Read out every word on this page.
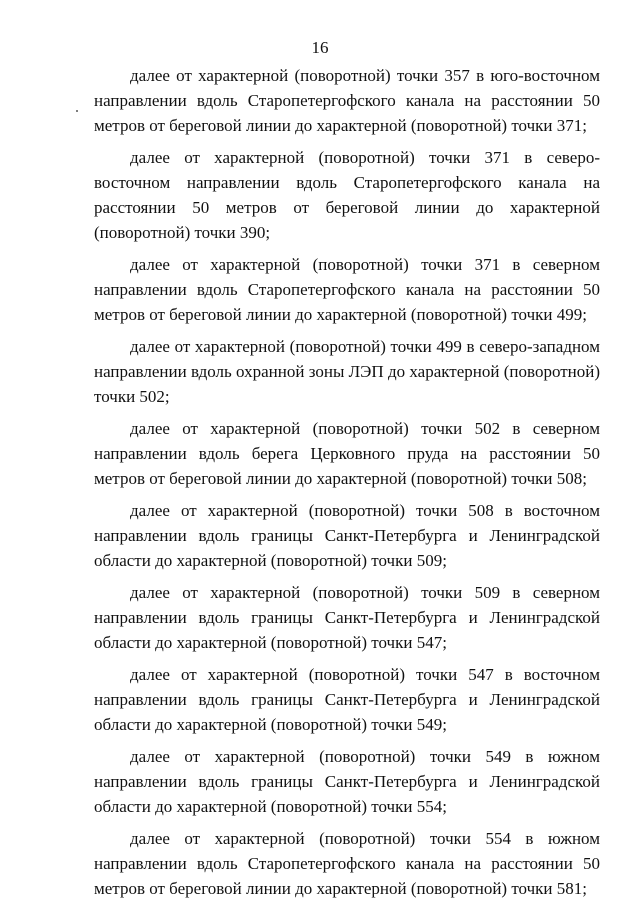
16

далее от характерной (поворотной) точки 357 в юго-восточном направлении вдоль Старопетергофского канала на расстоянии 50 метров от береговой линии до характерной (поворотной) точки 371;

далее от характерной (поворотной) точки 371 в северо-восточном направлении вдоль Старопетергофского канала на расстоянии 50 метров от береговой линии до характерной (поворотной) точки 390;

далее от характерной (поворотной) точки 371 в северном направлении вдоль Старопетергофского канала на расстоянии 50 метров от береговой линии до характерной (поворотной) точки 499;

далее от характерной (поворотной) точки 499 в северо-западном направлении вдоль охранной зоны ЛЭП до характерной (поворотной) точки 502;

далее от характерной (поворотной) точки 502 в северном направлении вдоль берега Церковного пруда на расстоянии 50 метров от береговой линии до характерной (поворотной) точки 508;

далее от характерной (поворотной) точки 508 в восточном направлении вдоль границы Санкт-Петербурга и Ленинградской области до характерной (поворотной) точки 509;

далее от характерной (поворотной) точки 509 в северном направлении вдоль границы Санкт-Петербурга и Ленинградской области до характерной (поворотной) точки 547;

далее от характерной (поворотной) точки 547 в восточном направлении вдоль границы Санкт-Петербурга и Ленинградской области до характерной (поворотной) точки 549;

далее от характерной (поворотной) точки 549 в южном направлении вдоль границы Санкт-Петербурга и Ленинградской области до характерной (поворотной) точки 554;

далее от характерной (поворотной) точки 554 в южном направлении вдоль Старопетергофского канала на расстоянии 50 метров от береговой линии до характерной (поворотной) точки 581;
